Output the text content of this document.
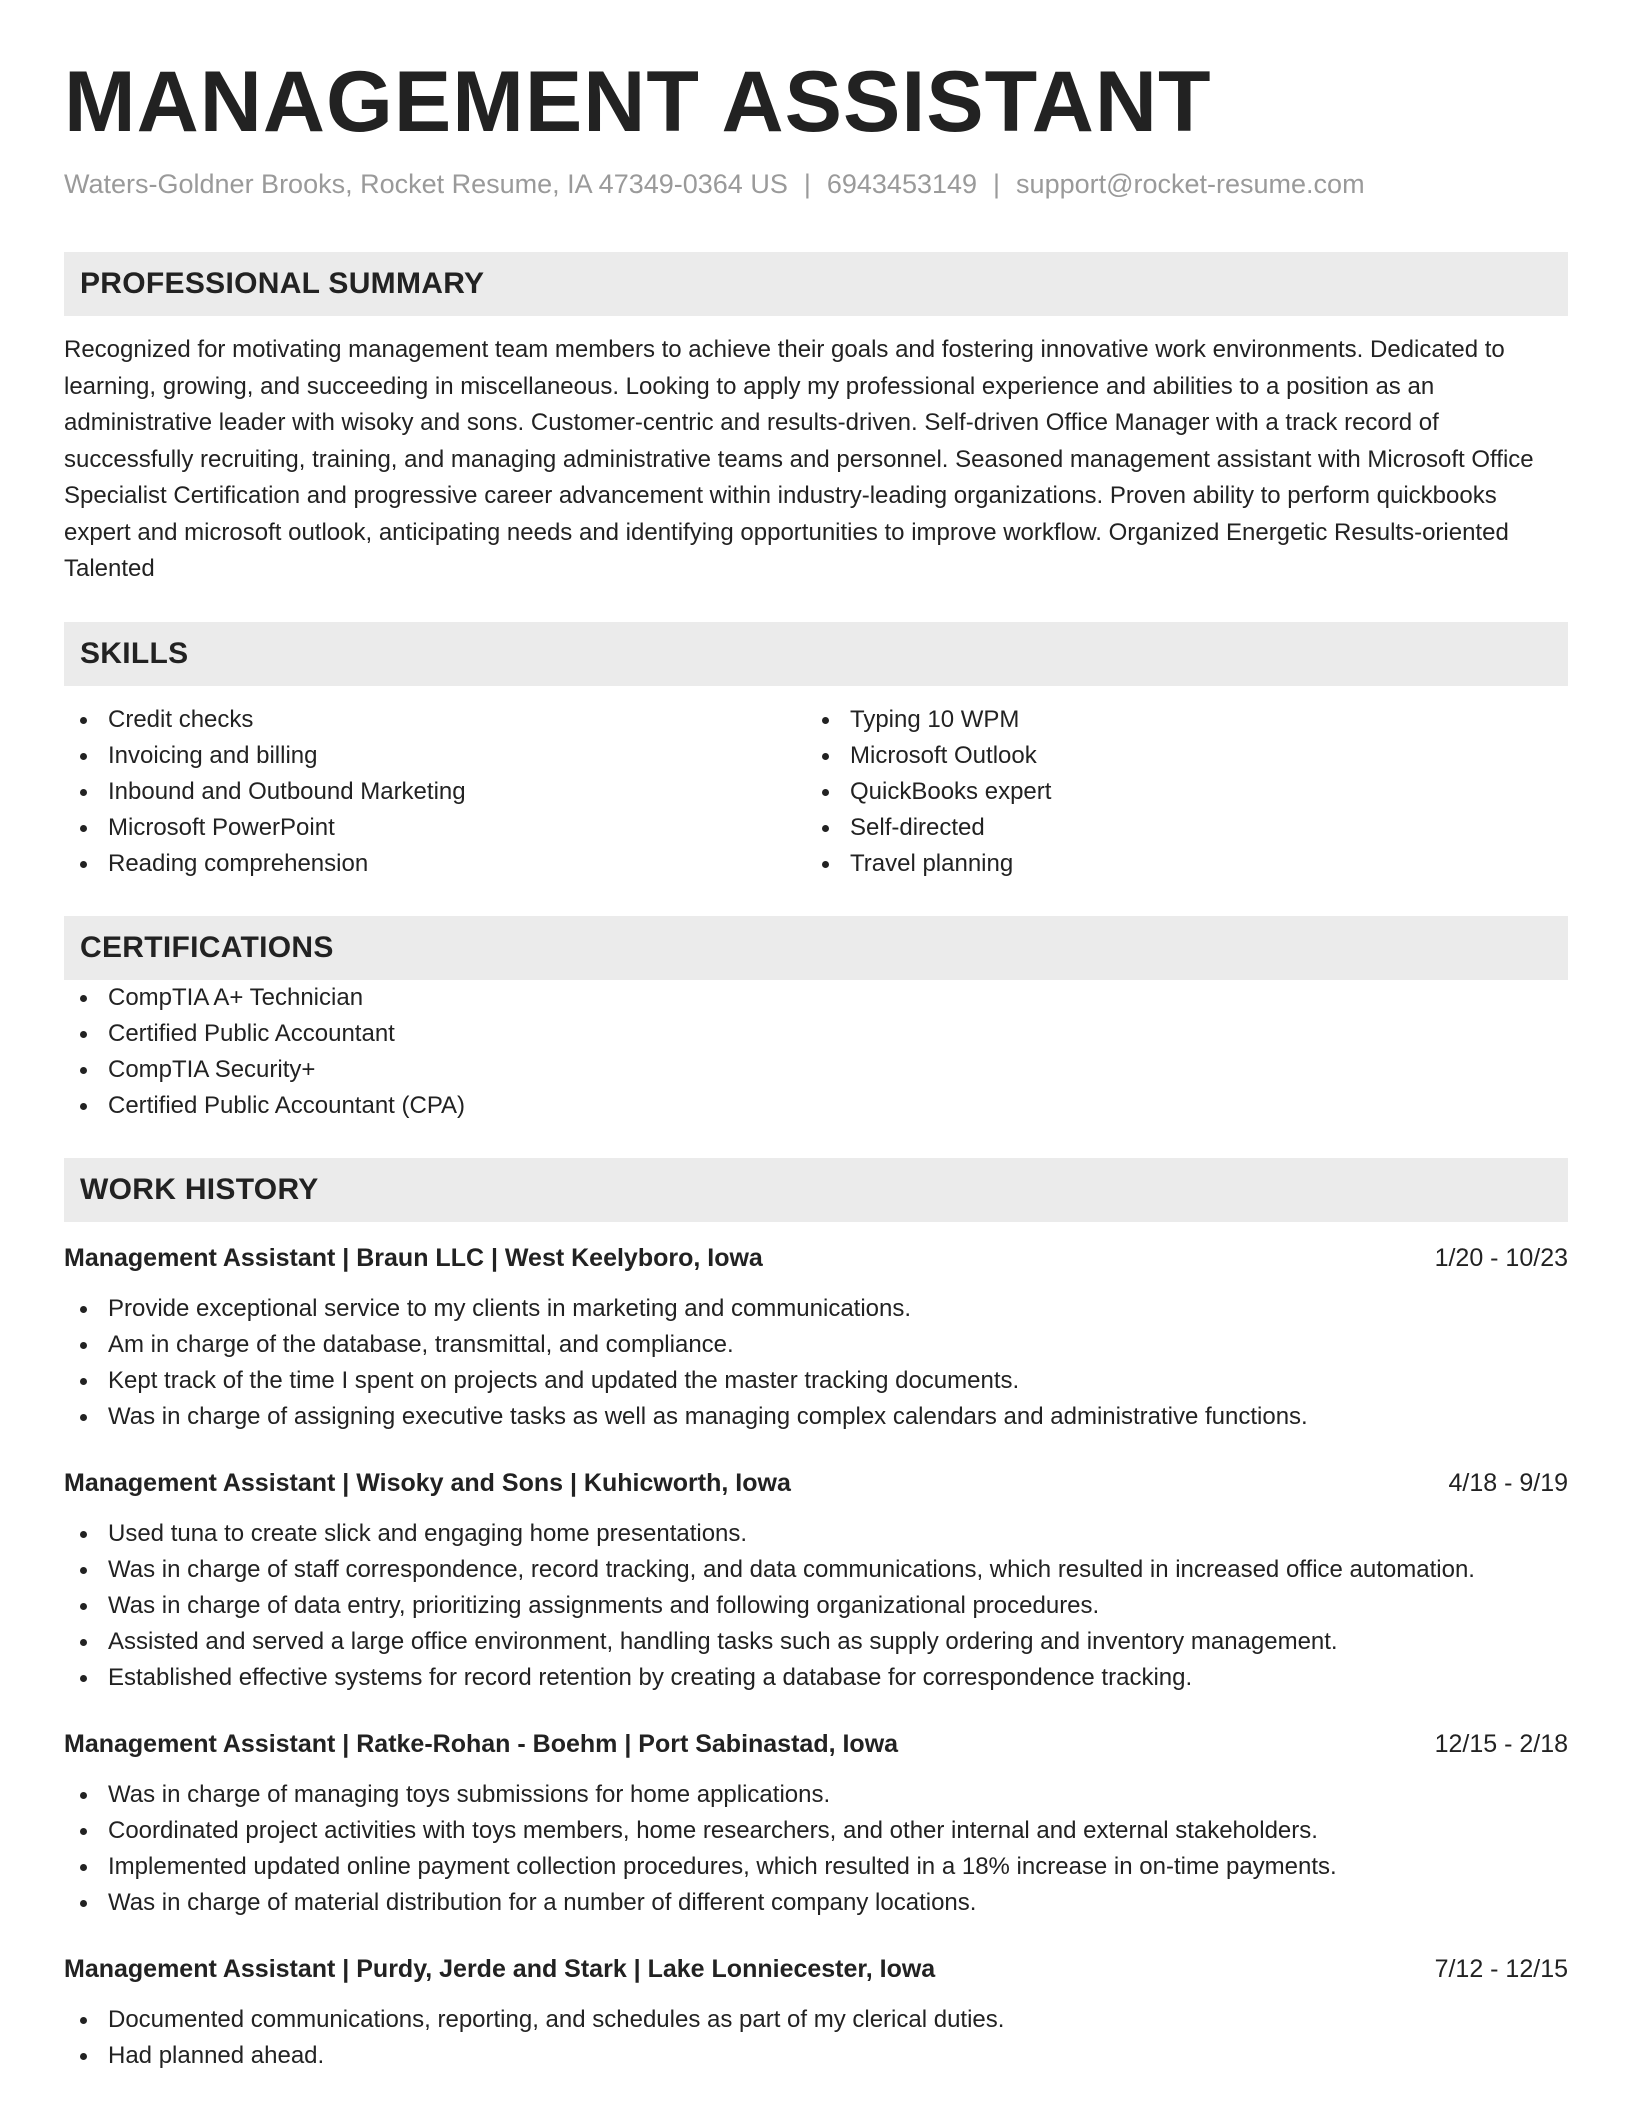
MANAGEMENT ASSISTANT
Waters-Goldner Brooks, Rocket Resume, IA 47349-0364 US | 6943453149 | support@rocket-resume.com
PROFESSIONAL SUMMARY

Recognized for motivating management team members to achieve their goals and fostering innovative work environments. Dedicated to learning, growing, and succeeding in miscellaneous. Looking to apply my professional experience and abilities to a position as an administrative leader with wisoky and sons. Customer-centric and results-driven. Self-driven Office Manager with a track record of successfully recruiting, training, and managing administrative teams and personnel. Seasoned management assistant with Microsoft Office Specialist Certification and progressive career advancement within industry-leading organizations. Proven ability to perform quickbooks expert and microsoft outlook, anticipating needs and identifying opportunities to improve workflow. Organized Energetic Results-oriented Talented

SKILLS
Credit checks
Invoicing and billing
Inbound and Outbound Marketing
Microsoft PowerPoint
Reading comprehension
Typing 10 WPM
Microsoft Outlook
QuickBooks expert
Self-directed
Travel planning
CERTIFICATIONS
CompTIA A+ Technician
Certified Public Accountant
CompTIA Security+
Certified Public Accountant (CPA)
WORK HISTORY
Management Assistant | Braun LLC | West Keelyboro, Iowa	1/20 - 10/23
Provide exceptional service to my clients in marketing and communications.
Am in charge of the database, transmittal, and compliance.
Kept track of the time I spent on projects and updated the master tracking documents.
Was in charge of assigning executive tasks as well as managing complex calendars and administrative functions.
Management Assistant | Wisoky and Sons | Kuhicworth, Iowa	4/18 - 9/19
Used tuna to create slick and engaging home presentations.
Was in charge of staff correspondence, record tracking, and data communications, which resulted in increased office automation.
Was in charge of data entry, prioritizing assignments and following organizational procedures.
Assisted and served a large office environment, handling tasks such as supply ordering and inventory management.
Established effective systems for record retention by creating a database for correspondence tracking.
Management Assistant | Ratke-Rohan - Boehm | Port Sabinastad, Iowa	12/15 - 2/18
Was in charge of managing toys submissions for home applications.
Coordinated project activities with toys members, home researchers, and other internal and external stakeholders.
Implemented updated online payment collection procedures, which resulted in a 18% increase in on-time payments.
Was in charge of material distribution for a number of different company locations.
Management Assistant | Purdy, Jerde and Stark | Lake Lonniecester, Iowa	7/12 - 12/15
Documented communications, reporting, and schedules as part of my clerical duties.
Had planned ahead.
